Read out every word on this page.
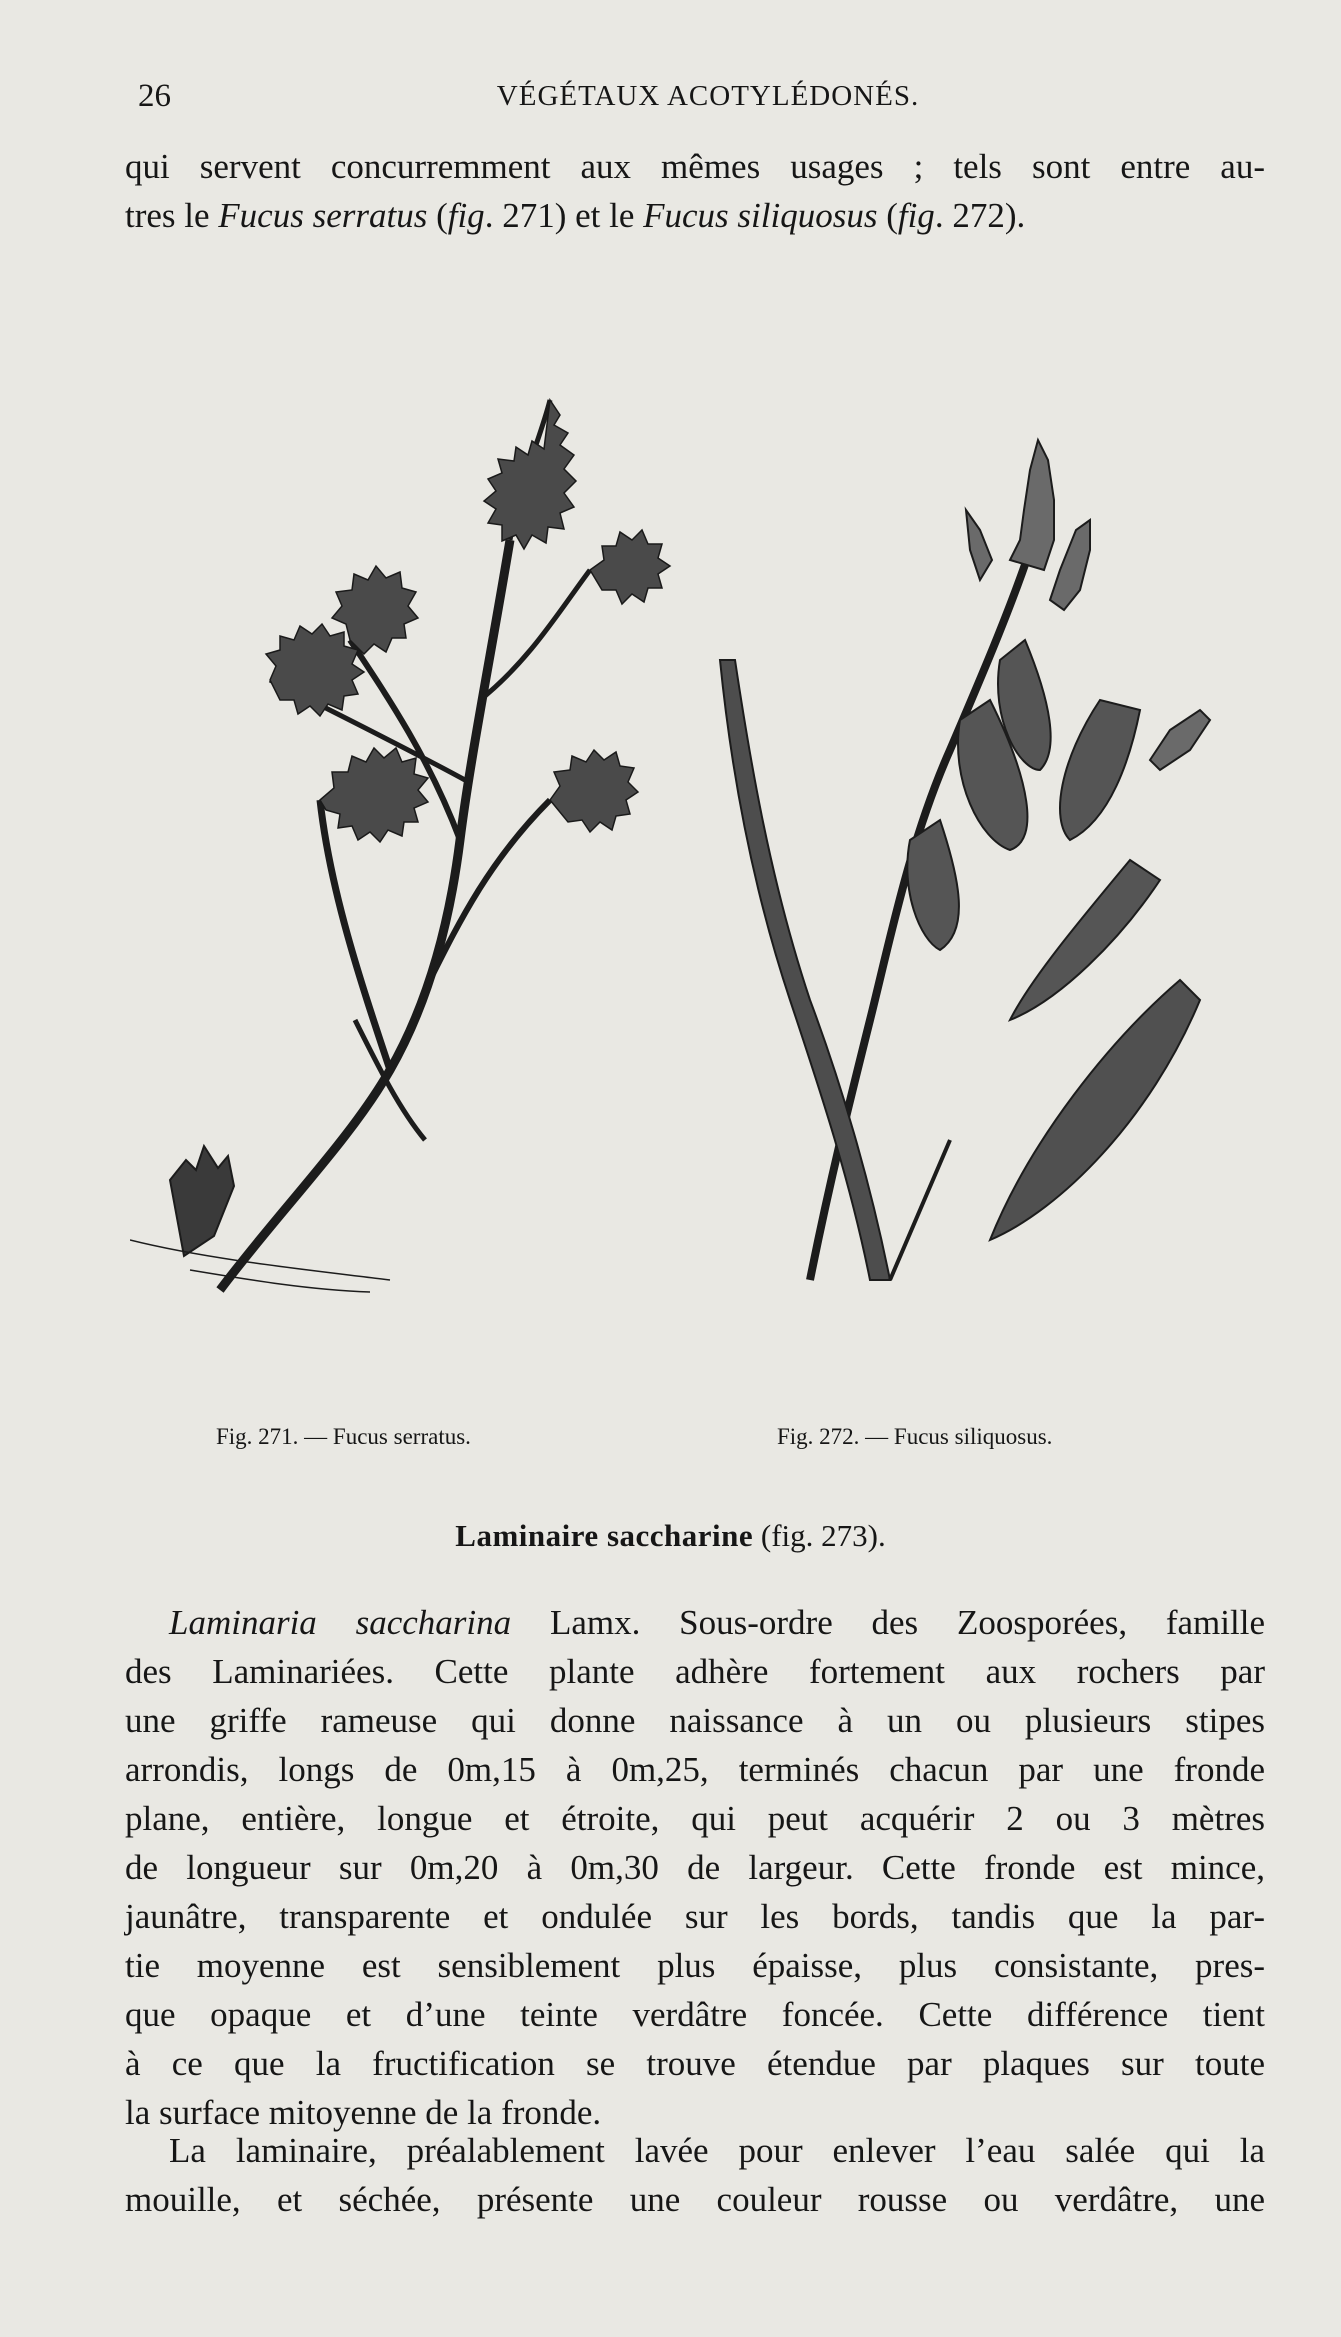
26	VÉGÉTAUX ACOTYLÉDONÉS.
qui servent concurremment aux mêmes usages ; tels sont entre au-
tres le Fucus serratus (fig. 271) et le Fucus siliquosus (fig. 272).
Fig. 271. — Fucus serratus.	Fig. 272. — Fucus siliquosus.
Laminaire saccharine (fig. 273).
Laminaria saccharina Lamx. Sous-ordre des Zoosporées, famille
des Laminariées. Cette plante adhère fortement aux rochers par
une griffe rameuse qui donne naissance à un ou plusieurs stipes
arrondis, longs de 0m,15 à 0m,25, terminés chacun par une fronde
plane, entière, longue et étroite, qui peut acquérir 2 ou 3 mètres
de longueur sur 0m,20 à 0m,30 de largeur. Cette fronde est mince,
jaunâtre, transparente et ondulée sur les bords, tandis que la par-
tie moyenne est sensiblement plus épaisse, plus consistante, pres-
que opaque et d’une teinte verdâtre foncée. Cette différence tient
à ce que la fructification se trouve étendue par plaques sur toute
la surface mitoyenne de la fronde.
La laminaire, préalablement lavée pour enlever l’eau salée qui la
mouille, et séchée, présente une couleur rousse ou verdâtre, une
